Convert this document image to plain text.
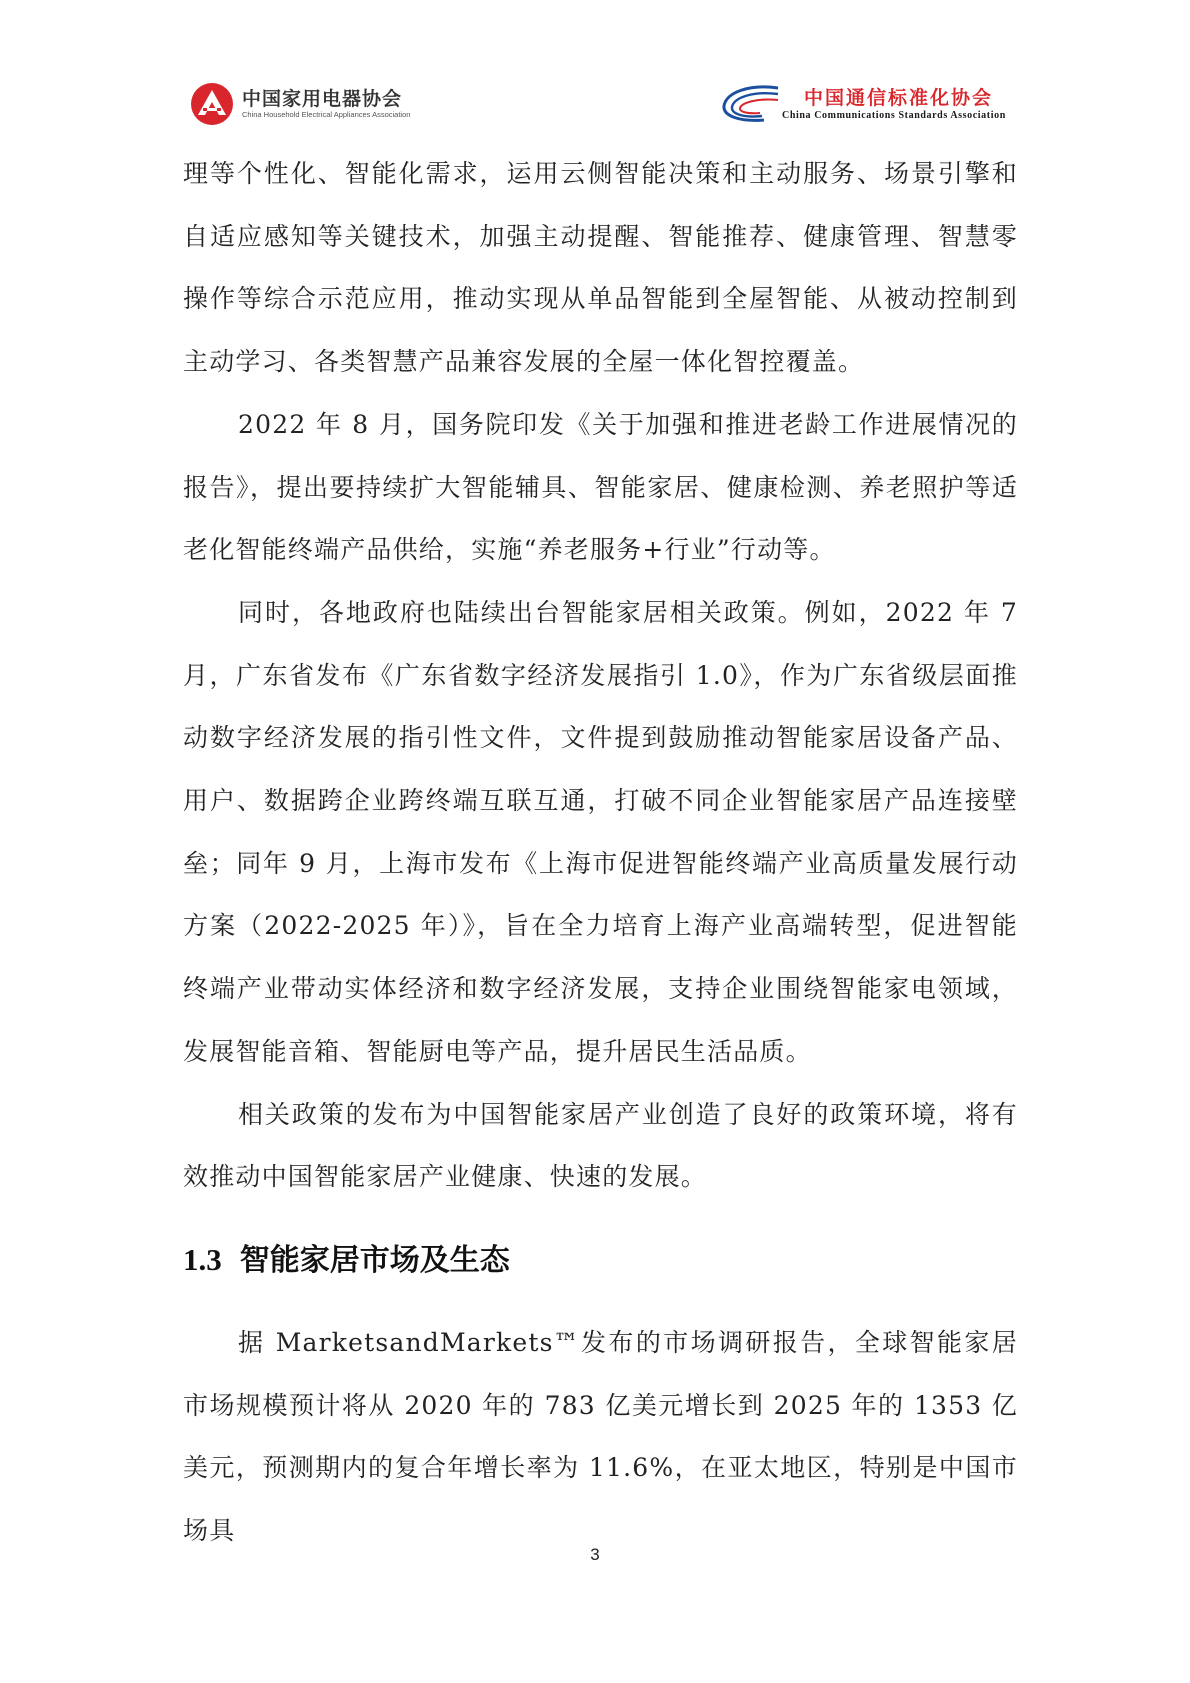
中国家用电器协会
China Household Electrical Appliances Association
中国通信标准化协会
China Communications Standards Association

理等个性化、智能化需求，运用云侧智能决策和主动服务、场景引擎和自适应感知等关键技术，加强主动提醒、智能推荐、健康管理、智慧零操作等综合示范应用，推动实现从单品智能到全屋智能、从被动控制到主动学习、各类智慧产品兼容发展的全屋一体化智控覆盖。

2022 年 8 月，国务院印发《关于加强和推进老龄工作进展情况的报告》，提出要持续扩大智能辅具、智能家居、健康检测、养老照护等适老化智能终端产品供给，实施“养老服务+行业”行动等。

同时，各地政府也陆续出台智能家居相关政策。例如，2022 年 7 月，广东省发布《广东省数字经济发展指引 1.0》，作为广东省级层面推动数字经济发展的指引性文件，文件提到鼓励推动智能家居设备产品、用户、数据跨企业跨终端互联互通，打破不同企业智能家居产品连接壁垒；同年 9 月，上海市发布《上海市促进智能终端产业高质量发展行动方案（2022-2025 年）》，旨在全力培育上海产业高端转型，促进智能终端产业带动实体经济和数字经济发展，支持企业围绕智能家电领域，发展智能音箱、智能厨电等产品，提升居民生活品质。

相关政策的发布为中国智能家居产业创造了良好的政策环境，将有效推动中国智能家居产业健康、快速的发展。

1.3 智能家居市场及生态

据 MarketsandMarkets™发布的市场调研报告，全球智能家居市场规模预计将从 2020 年的 783 亿美元增长到 2025 年的 1353 亿美元，预测期内的复合年增长率为 11.6%，在亚太地区，特别是中国市场具

3
